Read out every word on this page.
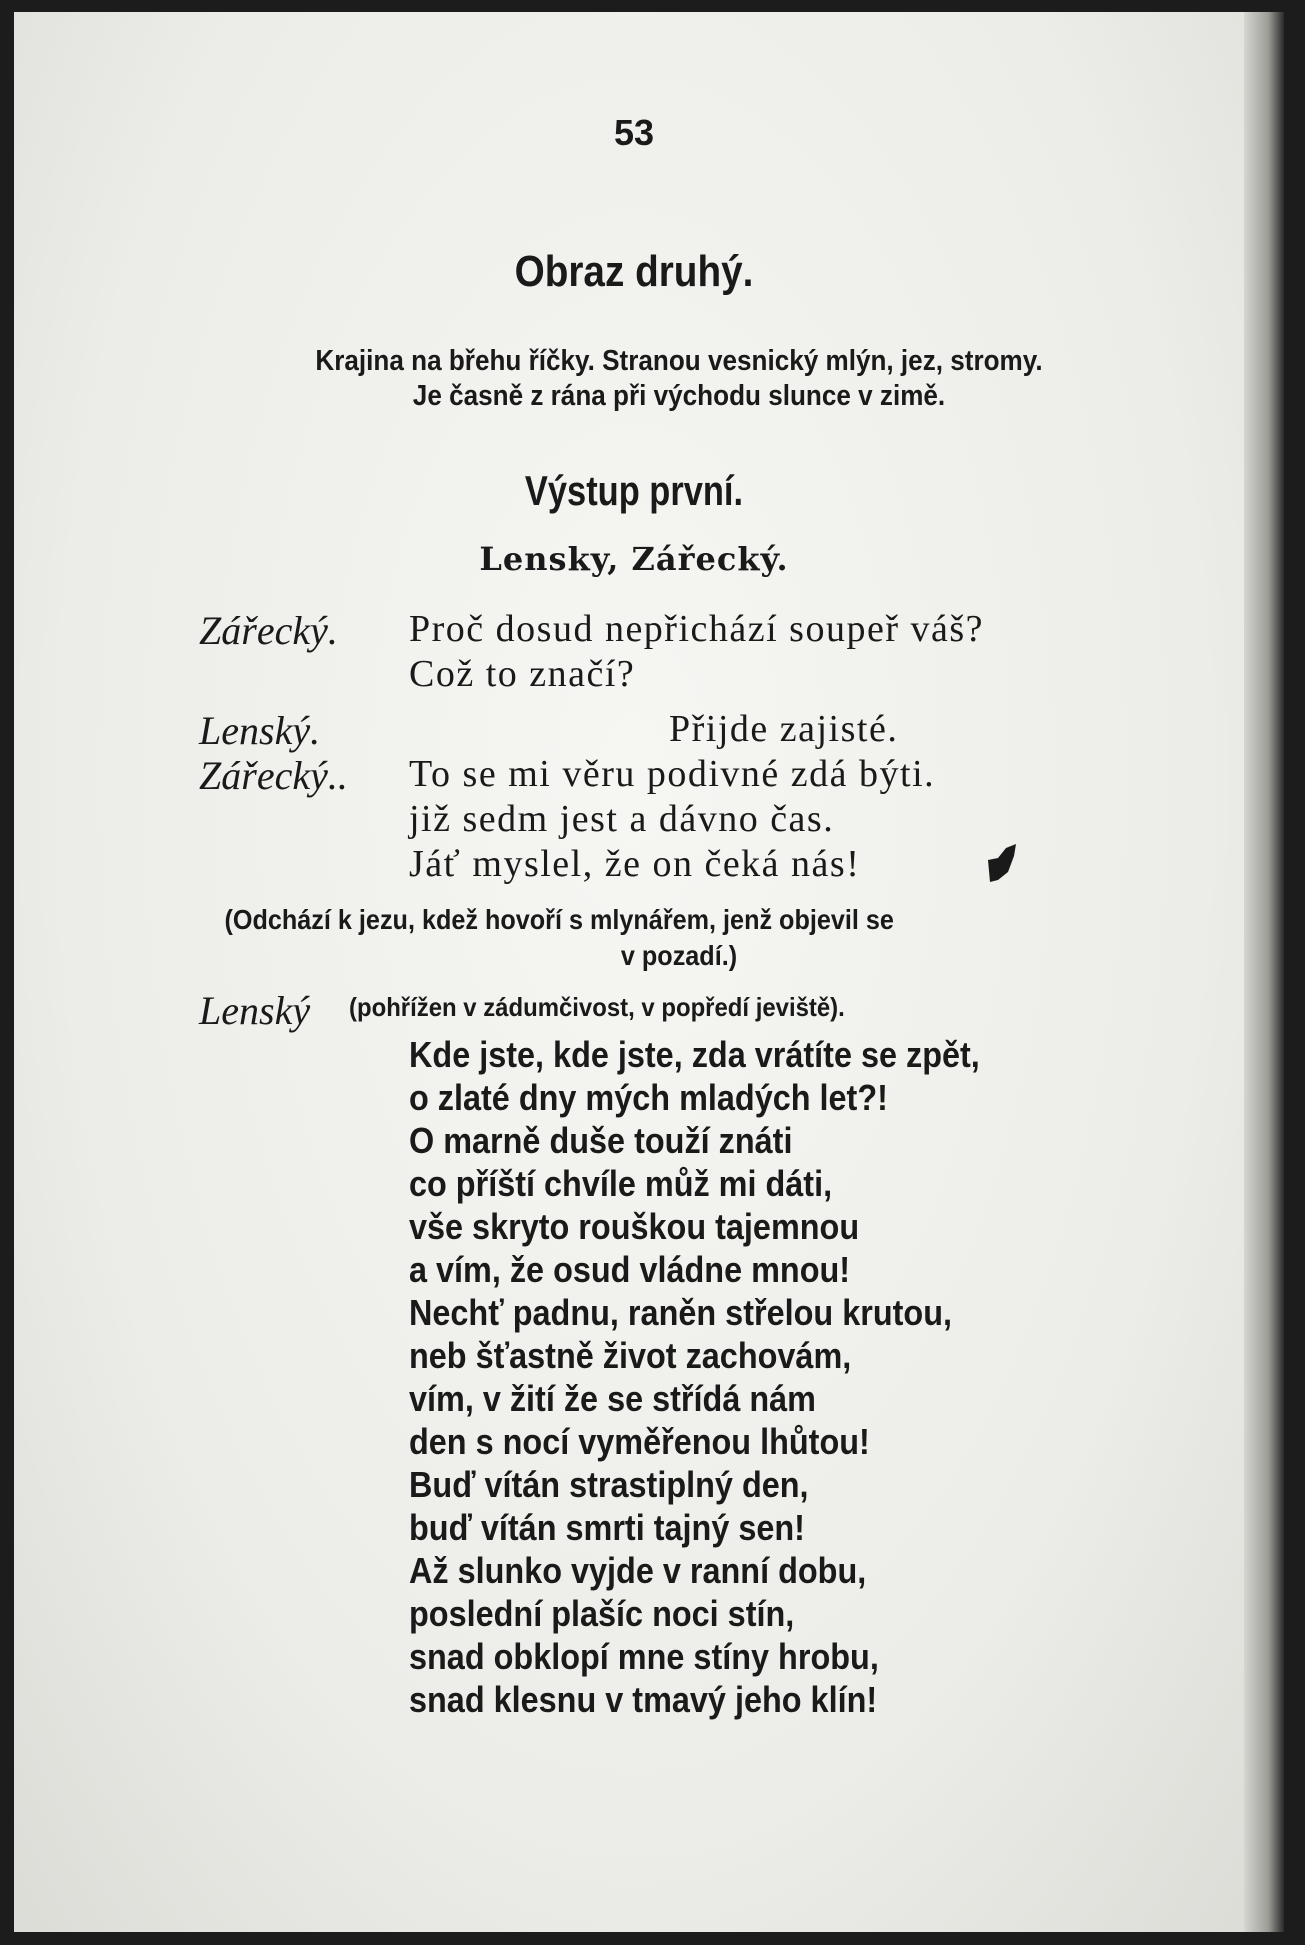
53
Obraz druhý.
Krajina na břehu říčky. Stranou vesnický mlýn, jez, stromy.
Je časně z rána při východu slunce v zimě.
Výstup první.
Lensky, Zářecký.
Zářecký. Proč dosud nepřichází soupeř váš?
Což to značí?
Lenský.	Přijde zajisté.
Zářecký.. To se mi věru podivné zdá býti.
již sedm jest a dávno čas.
Jáť myslel, že on čeká nás!
(Odchází k jezu, kdež hovoří s mlynářem, jenž objevil se
v pozadí.)
Lenský (pohřížen v zádumčivost, v popředí jeviště).
Kde jste, kde jste, zda vrátíte se zpět,
o zlaté dny mých mladých let?!
O marně duše touží znáti
co příští chvíle můž mi dáti,
vše skryto rouškou tajemnou
a vím, že osud vládne mnou!
Nechť padnu, raněn střelou krutou,
neb šťastně život zachovám,
vím, v žití že se střídá nám
den s nocí vyměřenou lhůtou!
Buď vítán strastiplný den,
buď vítán smrti tajný sen!
Až slunko vyjde v ranní dobu,
poslední plašíc noci stín,
snad obklopí mne stíny hrobu,
snad klesnu v tmavý jeho klín!
